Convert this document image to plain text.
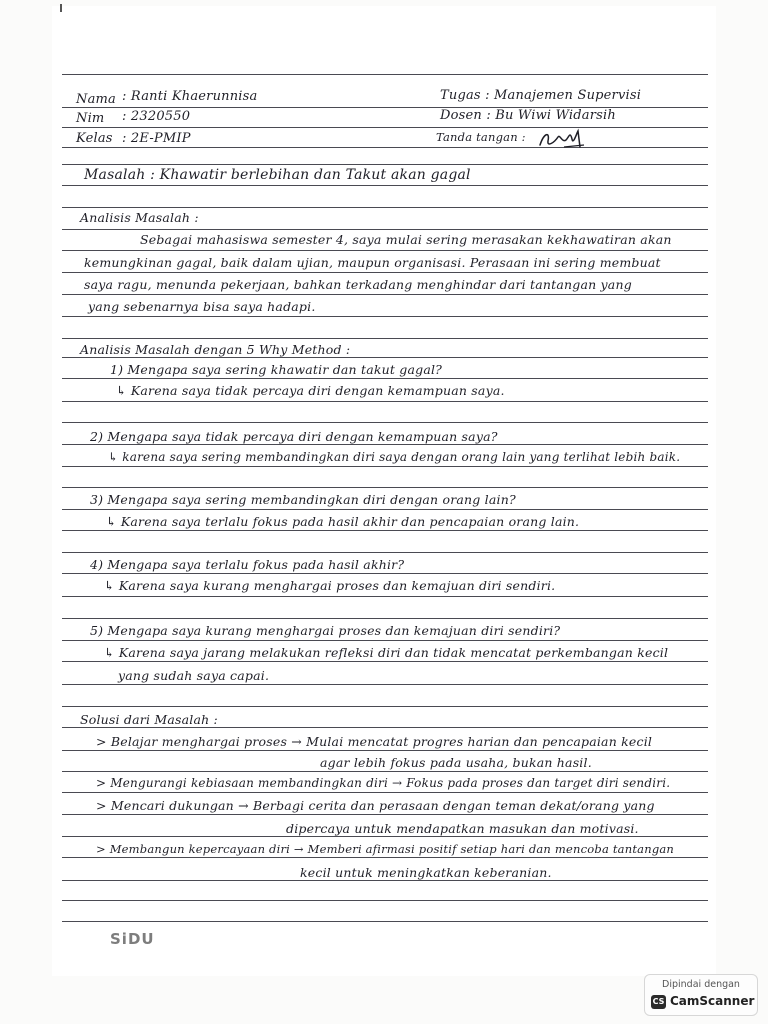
Nama : Ranti Khaerunnisa
Nim : 2320550
Kelas : 2E-PMIP
Tugas : Manajemen Supervisi
Dosen : Bu Wiwi Widarsih
Tanda tangan :
Masalah : Khawatir berlebihan dan Takut akan gagal
Analisis Masalah :
Sebagai mahasiswa semester 4, saya mulai sering merasakan kekhawatiran akan
kemungkinan gagal, baik dalam ujian, maupun organisasi. Perasaan ini sering membuat
saya ragu, menunda pekerjaan, bahkan terkadang menghindar dari tantangan yang
yang sebenarnya bisa saya hadapi.
Analisis Masalah dengan 5 Why Method :
1) Mengapa saya sering khawatir dan takut gagal?
↳ Karena saya tidak percaya diri dengan kemampuan saya.
2) Mengapa saya tidak percaya diri dengan kemampuan saya?
↳ karena saya sering membandingkan diri saya dengan orang lain yang terlihat lebih baik.
3) Mengapa saya sering membandingkan diri dengan orang lain?
↳ Karena saya terlalu fokus pada hasil akhir dan pencapaian orang lain.
4) Mengapa saya terlalu fokus pada hasil akhir?
↳ Karena saya kurang menghargai proses dan kemajuan diri sendiri.
5) Mengapa saya kurang menghargai proses dan kemajuan diri sendiri?
↳ Karena saya jarang melakukan refleksi diri dan tidak mencatat perkembangan kecil
yang sudah saya capai.
Solusi dari Masalah :
> Belajar menghargai proses → Mulai mencatat progres harian dan pencapaian kecil
agar lebih fokus pada usaha, bukan hasil.
> Mengurangi kebiasaan membandingkan diri → Fokus pada proses dan target diri sendiri.
> Mencari dukungan → Berbagi cerita dan perasaan dengan teman dekat/orang yang
dipercaya untuk mendapatkan masukan dan motivasi.
> Membangun kepercayaan diri → Memberi afirmasi positif setiap hari dan mencoba tantangan
kecil untuk meningkatkan keberanian.
SiDU
Dipindai dengan
CS CamScanner
